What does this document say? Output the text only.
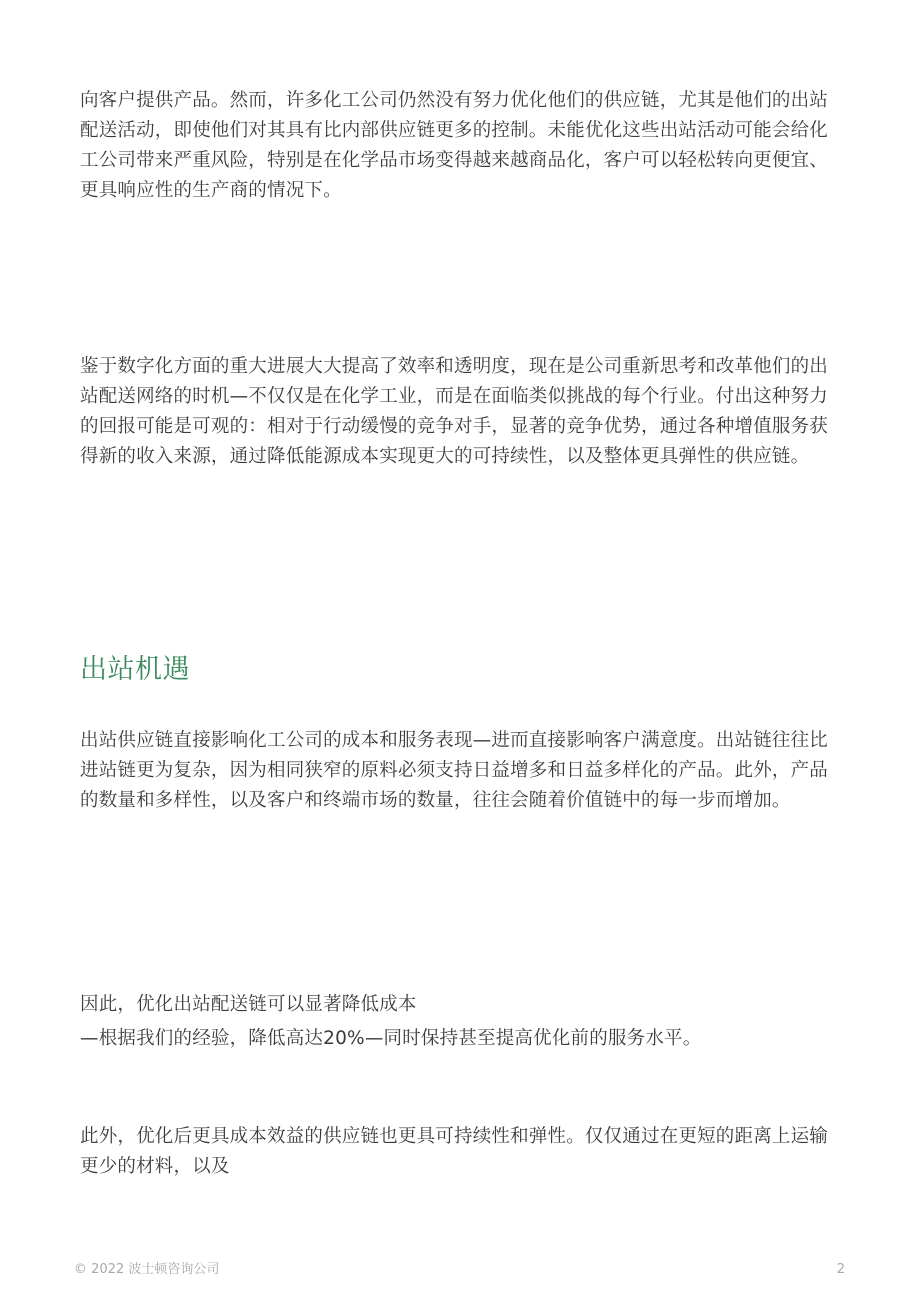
向客户提供产品。然而，许多化工公司仍然没有努力优化他们的供应链，尤其是他们的出站配送活动，即使他们对其具有比内部供应链更多的控制。未能优化这些出站活动可能会给化工公司带来严重风险，特别是在化学品市场变得越来越商品化，客户可以轻松转向更便宜、更具响应性的生产商的情况下。

鉴于数字化方面的重大进展大大提高了效率和透明度，现在是公司重新思考和改革他们的出站配送网络的时机—不仅仅是在化学工业，而是在面临类似挑战的每个行业。付出这种努力的回报可能是可观的：相对于行动缓慢的竞争对手，显著的竞争优势，通过各种增值服务获得新的收入来源，通过降低能源成本实现更大的可持续性，以及整体更具弹性的供应链。

出站机遇

出站供应链直接影响化工公司的成本和服务表现—进而直接影响客户满意度。出站链往往比进站链更为复杂，因为相同狭窄的原料必须支持日益增多和日益多样化的产品。此外，产品的数量和多样性，以及客户和终端市场的数量，往往会随着价值链中的每一步而增加。

因此，优化出站配送链可以显著降低成本

—根据我们的经验，降低高达20%—同时保持甚至提高优化前的服务水平。

此外，优化后更具成本效益的供应链也更具可持续性和弹性。仅仅通过在更短的距离上运输更少的材料，以及

© 2022 波士顿咨询公司	2
